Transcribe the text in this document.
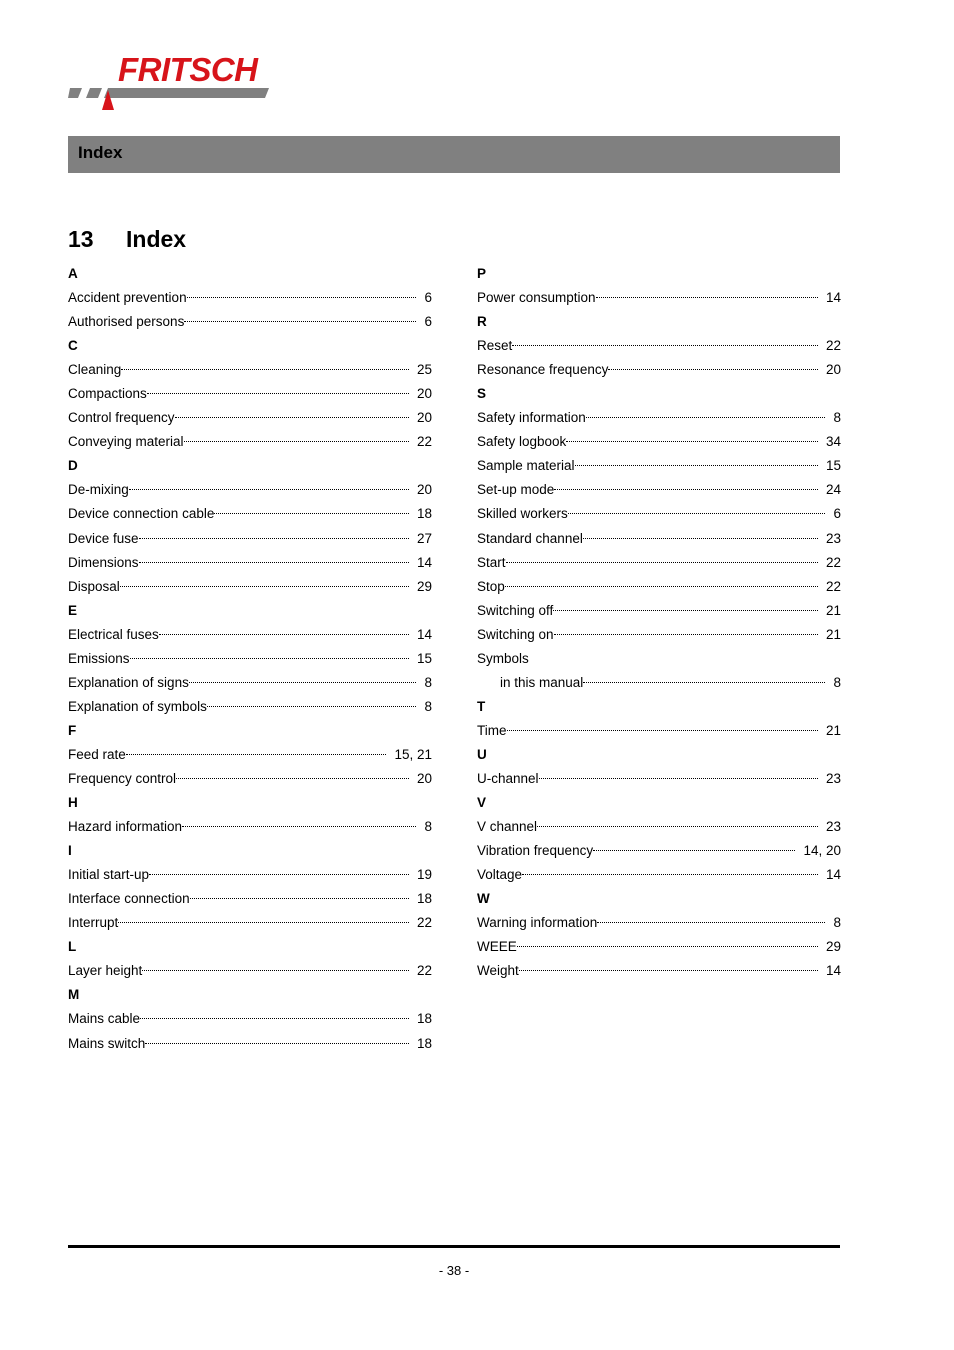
FRITSCH
Index
13 Index
A
Accident prevention	6
Authorised persons	6
C
Cleaning	25
Compactions	20
Control frequency	20
Conveying material	22
D
De-mixing	20
Device connection cable	18
Device fuse	27
Dimensions	14
Disposal	29
E
Electrical fuses	14
Emissions	15
Explanation of signs	8
Explanation of symbols	8
F
Feed rate	15, 21
Frequency control	20
H
Hazard information	8
I
Initial start-up	19
Interface connection	18
Interrupt	22
L
Layer height	22
M
Mains cable	18
Mains switch	18
P
Power consumption	14
R
Reset	22
Resonance frequency	20
S
Safety information	8
Safety logbook	34
Sample material	15
Set-up mode	24
Skilled workers	6
Standard channel	23
Start	22
Stop	22
Switching off	21
Switching on	21
Symbols
in this manual	8
T
Time	21
U
U-channel	23
V
V channel	23
Vibration frequency	14, 20
Voltage	14
W
Warning information	8
WEEE	29
Weight	14
- 38 -
